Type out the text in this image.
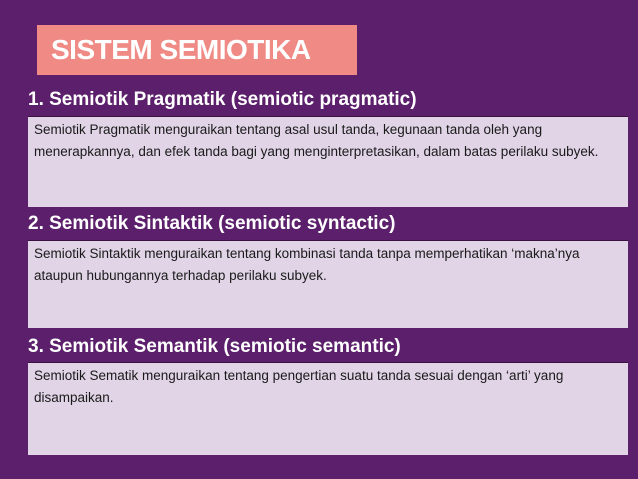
SISTEM SEMIOTIKA
1. Semiotik Pragmatik (semiotic pragmatic)
Semiotik Pragmatik menguraikan tentang asal usul tanda, kegunaan tanda oleh yang menerapkannya, dan efek tanda bagi yang menginterpretasikan, dalam batas perilaku subyek.
2. Semiotik Sintaktik (semiotic syntactic)
Semiotik Sintaktik menguraikan tentang kombinasi tanda tanpa memperhatikan ‘makna’nya ataupun hubungannya terhadap perilaku subyek.
3. Semiotik Semantik (semiotic semantic)
Semiotik Sematik menguraikan tentang pengertian suatu tanda sesuai dengan ‘arti’ yang disampaikan.
